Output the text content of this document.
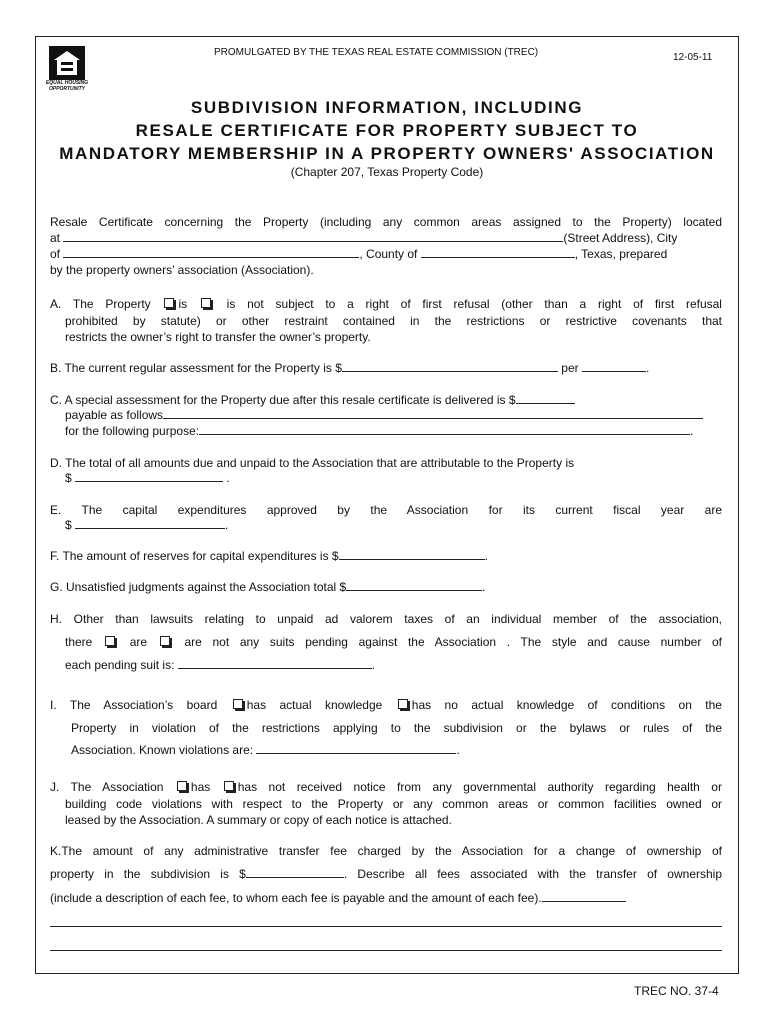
EQUAL HOUSING
OPPORTUNITY
PROMULGATED BY THE TEXAS REAL ESTATE COMMISSION (TREC)	12-05-11
SUBDIVISION INFORMATION, INCLUDING
RESALE CERTIFICATE FOR PROPERTY SUBJECT TO
MANDATORY MEMBERSHIP IN A PROPERTY OWNERS' ASSOCIATION
(Chapter 207, Texas Property Code)
Resale Certificate concerning the Property (including any common areas assigned to the Property) located
at	(Street Address), City
of	, County of	, Texas, prepared
by the property owners’ association (Association).
A. The Property is	is not subject to a right of first refusal (other than a right of first refusal
prohibited by statute) or other restraint contained in the restrictions or restrictive covenants that
restricts the owner’s right to transfer the owner’s property.
B. The current regular assessment for the Property is $	per	.
C. A special assessment for the Property due after this resale certificate is delivered is $
payable as follows
for the following purpose:	.
D. The total of all amounts due and unpaid to the Association that are attributable to the Property is
$	.
E. The capital expenditures approved by the Association for its current fiscal year are
$	.
F. The amount of reserves for capital expenditures is $	.
G. Unsatisfied judgments against the Association total $	.
H. Other than lawsuits relating to unpaid ad valorem taxes of an individual member of the association,
there	are	are not any suits pending against the Association . The style and cause number of
each pending suit is:	.
I. The Association’s board has actual knowledge has no actual knowledge of conditions on the
Property in violation of the restrictions applying to the subdivision or the bylaws or rules of the
Association. Known violations are:	.
J. The Association has has not received notice from any governmental authority regarding health or
building code violations with respect to the Property or any common areas or common facilities owned or
leased by the Association. A summary or copy of each notice is attached.
K.The amount of any administrative transfer fee charged by the Association for a change of ownership of
property in the subdivision is $	. Describe all fees associated with the transfer of ownership
(include a description of each fee, to whom each fee is payable and the amount of each fee).
TREC NO. 37-4
